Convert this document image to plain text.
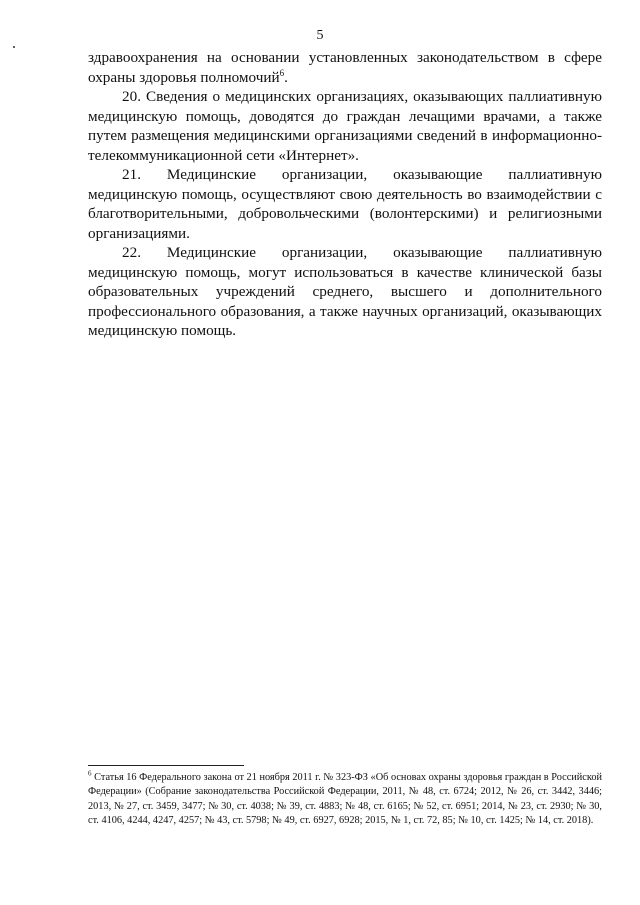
5

здравоохранения на основании установленных законодательством в сфере охраны здоровья полномочий$^6$.

20. Сведения о медицинских организациях, оказывающих паллиативную медицинскую помощь, доводятся до граждан лечащими врачами, а также путем размещения медицинскими организациями сведений в информационно-телекоммуникационной сети «Интернет».

21. Медицинские организации, оказывающие паллиативную медицинскую помощь, осуществляют свою деятельность во взаимодействии с благотворительными, добровольческими (волонтерскими) и религиозными организациями.

22. Медицинские организации, оказывающие паллиативную медицинскую помощь, могут использоваться в качестве клинической базы образовательных учреждений среднего, высшего и дополнительного профессионального образования, а также научных организаций, оказывающих медицинскую помощь.

$^6$ Статья 16 Федерального закона от 21 ноября 2011 г. № 323-ФЗ «Об основах охраны здоровья граждан в Российской Федерации» (Собрание законодательства Российской Федерации, 2011, № 48, ст. 6724; 2012, № 26, ст. 3442, 3446; 2013, № 27, ст. 3459, 3477; № 30, ст. 4038; № 39, ст. 4883; № 48, ст. 6165; № 52, ст. 6951; 2014, № 23, ст. 2930; № 30, ст. 4106, 4244, 4247, 4257; № 43, ст. 5798; № 49, ст. 6927, 6928; 2015, № 1, ст. 72, 85; № 10, ст. 1425; № 14, ст. 2018).
